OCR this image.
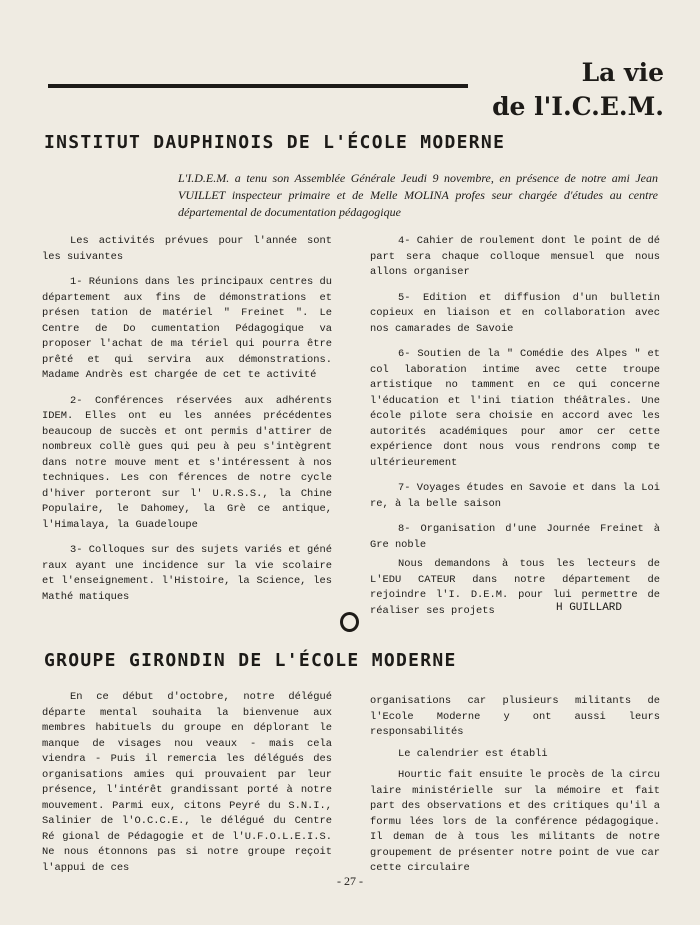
La vie
de l'I.C.E.M.
INSTITUT DAUPHINOIS DE L'ÉCOLE MODERNE
L'I.D.E.M. a tenu son Assemblée Générale Jeudi 9 novembre, en présence de notre ami Jean VUILLET inspecteur primaire et de Melle MOLINA profes seur chargée d'études au centre départemental de documentation pédagogique

Les activités prévues pour l'année sont les suivantes

1- Réunions dans les principaux centres du département aux fins de démonstrations et présen tation de matériel " Freinet ". Le Centre de Do cumentation Pédagogique va proposer l'achat de ma tériel qui pourra être prêté et qui servira aux démonstrations. Madame Andrès est chargée de cet te activité

2- Conférences réservées aux adhérents IDEM. Elles ont eu les années précédentes beaucoup de succès et ont permis d'attirer de nombreux collè gues qui peu à peu s'intègrent dans notre mouve ment et s'intéressent à nos techniques. Les con férences de notre cycle d'hiver porteront sur l' U.R.S.S., la Chine Populaire, le Dahomey, la Grè ce antique, l'Himalaya, la Guadeloupe

3- Colloques sur des sujets variés et géné raux ayant une incidence sur la vie scolaire et l'enseignement. l'Histoire, la Science, les Mathé matiques

4- Cahier de roulement dont le point de dé part sera chaque colloque mensuel que nous allons organiser

5- Edition et diffusion d'un bulletin copieux en liaison et en collaboration avec nos camarades de Savoie

6- Soutien de la " Comédie des Alpes " et col laboration intime avec cette troupe artistique no tamment en ce qui concerne l'éducation et l'ini tiation théâtrales. Une école pilote sera choisie en accord avec les autorités académiques pour amor cer cette expérience dont nous vous rendrons comp te ultérieurement

7- Voyages études en Savoie et dans la Loi re, à la belle saison

8- Organisation d'une Journée Freinet à Gre noble

Nous demandons à tous les lecteurs de L'EDU CATEUR dans notre département de rejoindre l'I. D.E.M. pour lui permettre de réaliser ses projets	H GUILLARD
GROUPE GIRONDIN DE L'ÉCOLE MODERNE

En ce début d'octobre, notre délégué départe mental souhaita la bienvenue aux membres habituels du groupe en déplorant le manque de visages nou veaux - mais cela viendra - Puis il remercia les délégués des organisations amies qui prouvaient par leur présence, l'intérêt grandissant porté à notre mouvement. Parmi eux, citons Peyré du S.N.I., Salinier de l'O.C.C.E., le délégué du Centre Ré gional de Pédagogie et de l'U.F.O.L.E.I.S. Ne nous étonnons pas si notre groupe reçoit l'appui de ces

organisations car plusieurs militants de l'Ecole Moderne y ont aussi leurs responsabilités

Le calendrier est établi

Hourtic fait ensuite le procès de la circu laire ministérielle sur la mémoire et fait part des observations et des critiques qu'il a formu lées lors de la conférence pédagogique. Il deman de à tous les militants de notre groupement de présenter notre point de vue car cette circulaire

- 27 -
